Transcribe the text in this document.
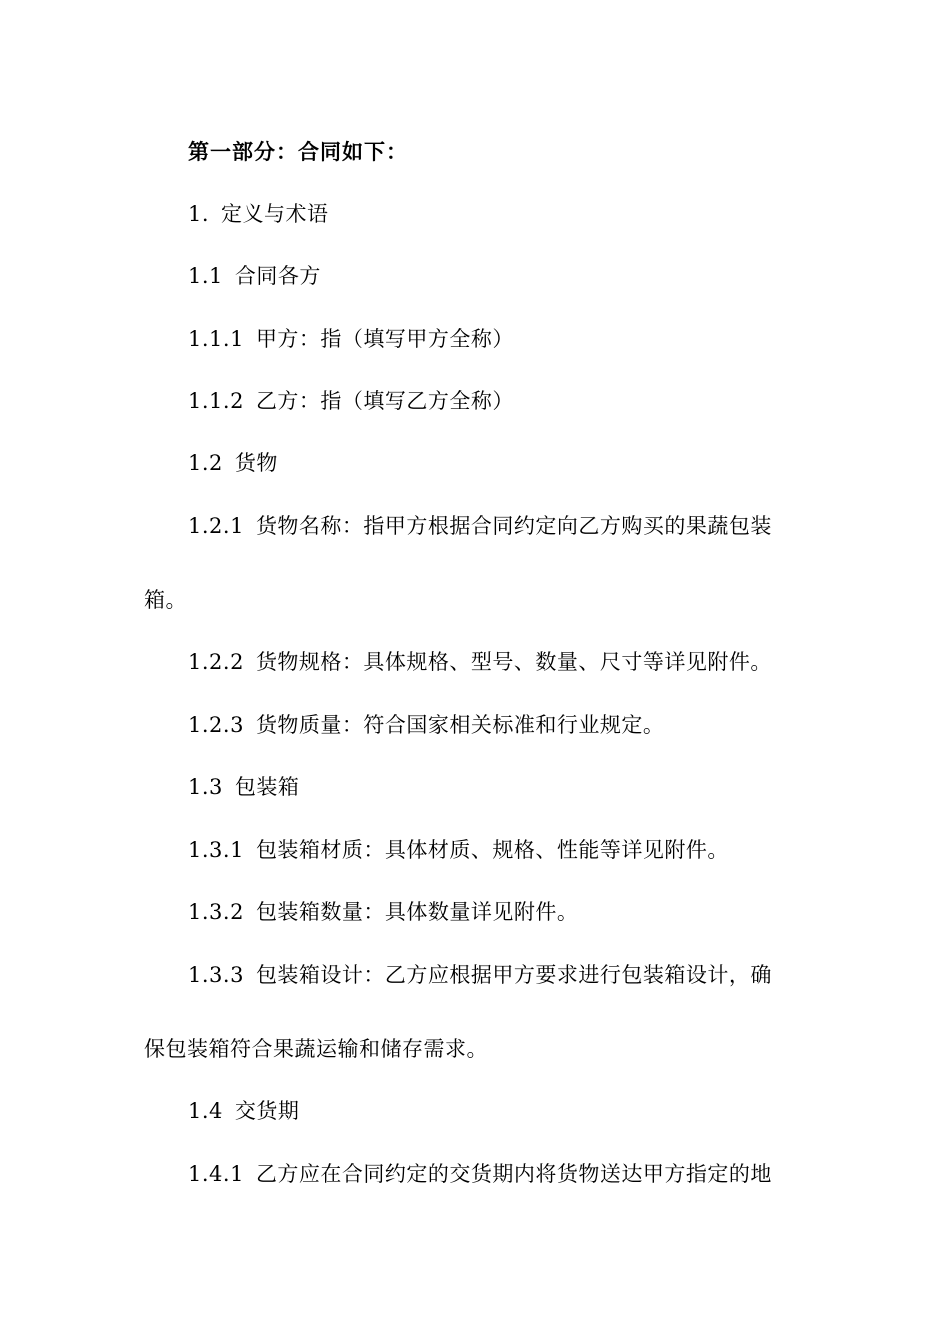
第一部分：合同如下：
1. 定义与术语
1.1 合同各方
1.1.1 甲方：指（填写甲方全称）
1.1.2 乙方：指（填写乙方全称）
1.2 货物
1.2.1 货物名称：指甲方根据合同约定向乙方购买的果蔬包装
箱。
1.2.2 货物规格：具体规格、型号、数量、尺寸等详见附件。
1.2.3 货物质量：符合国家相关标准和行业规定。
1.3 包装箱
1.3.1 包装箱材质：具体材质、规格、性能等详见附件。
1.3.2 包装箱数量：具体数量详见附件。
1.3.3 包装箱设计：乙方应根据甲方要求进行包装箱设计，确
保包装箱符合果蔬运输和储存需求。
1.4 交货期
1.4.1 乙方应在合同约定的交货期内将货物送达甲方指定的地
